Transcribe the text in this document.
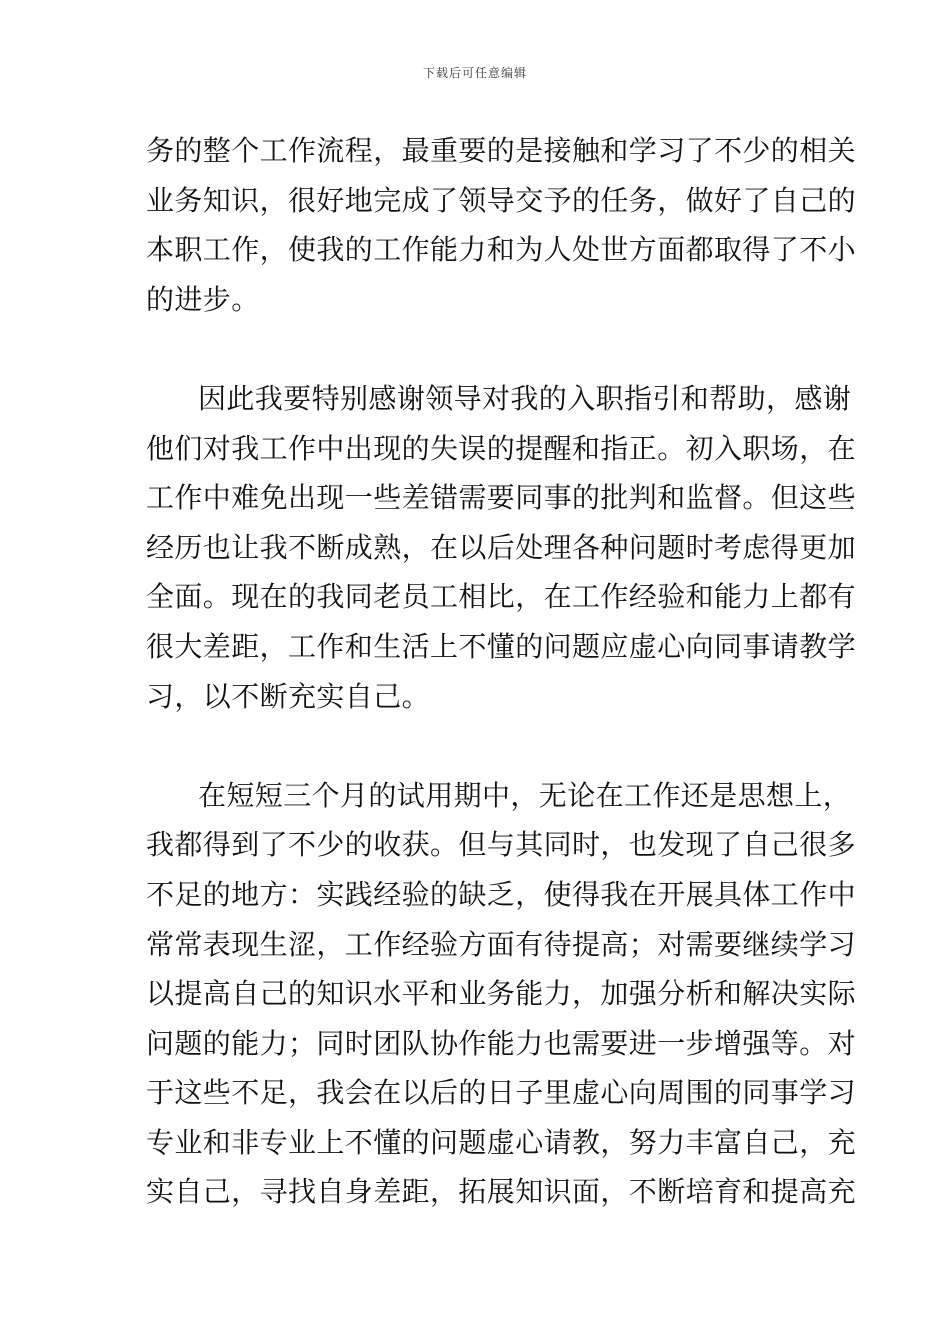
下载后可任意编辑
务的整个工作流程，最重要的是接触和学习了不少的相关
业务知识，很好地完成了领导交予的任务，做好了自己的
本职工作，使我的工作能力和为人处世方面都取得了不小
的进步。
因此我要特别感谢领导对我的入职指引和帮助，感谢
他们对我工作中出现的失误的提醒和指正。初入职场，在
工作中难免出现一些差错需要同事的批判和监督。但这些
经历也让我不断成熟，在以后处理各种问题时考虑得更加
全面。现在的我同老员工相比，在工作经验和能力上都有
很大差距，工作和生活上不懂的问题应虚心向同事请教学
习，以不断充实自己。
在短短三个月的试用期中，无论在工作还是思想上，
我都得到了不少的收获。但与其同时，也发现了自己很多
不足的地方：实践经验的缺乏，使得我在开展具体工作中
常常表现生涩，工作经验方面有待提高；对需要继续学习
以提高自己的知识水平和业务能力，加强分析和解决实际
问题的能力；同时团队协作能力也需要进一步增强等。对
于这些不足，我会在以后的日子里虚心向周围的同事学习
专业和非专业上不懂的问题虚心请教，努力丰富自己，充
实自己，寻找自身差距，拓展知识面，不断培育和提高充
